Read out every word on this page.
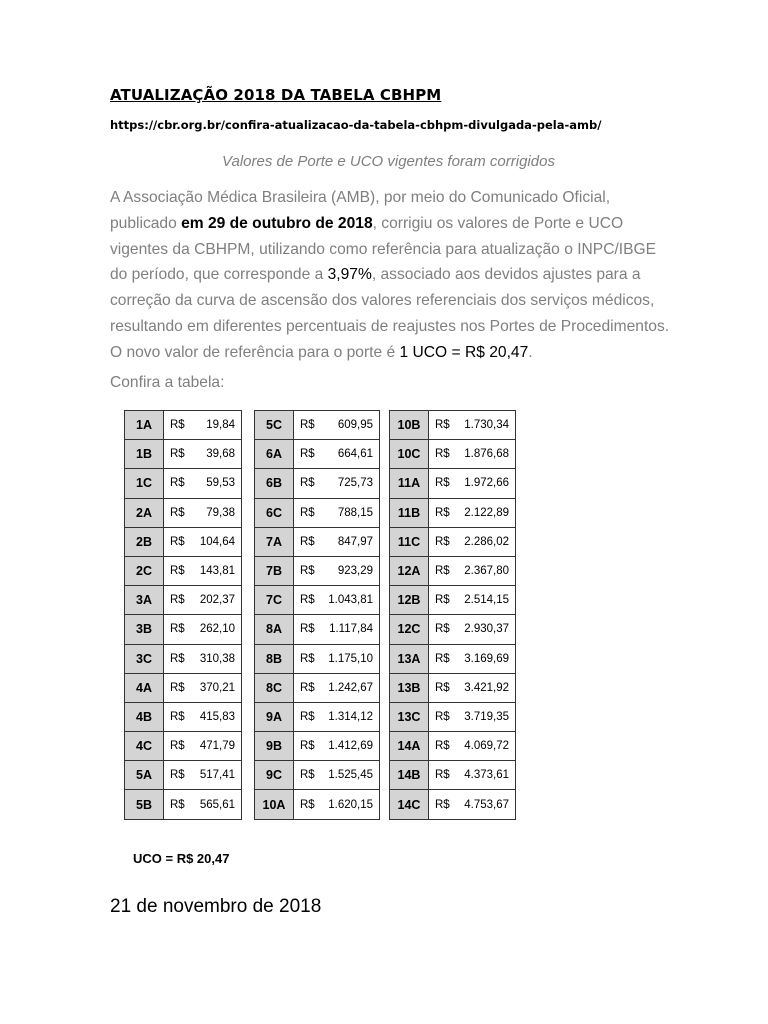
ATUALIZAÇÃO 2018 DA TABELA CBHPM
https://cbr.org.br/confira-atualizacao-da-tabela-cbhpm-divulgada-pela-amb/
Valores de Porte e UCO vigentes foram corrigidos
A Associação Médica Brasileira (AMB), por meio do Comunicado Oficial, publicado em 29 de outubro de 2018, corrigiu os valores de Porte e UCO vigentes da CBHPM, utilizando como referência para atualização o INPC/IBGE do período, que corresponde a 3,97%, associado aos devidos ajustes para a correção da curva de ascensão dos valores referenciais dos serviços médicos, resultando em diferentes percentuais de reajustes nos Portes de Procedimentos. O novo valor de referência para o porte é 1 UCO = R$ 20,47.
Confira a tabela:
1A	R$	19,84
1B	R$	39,68
1C	R$	59,53
2A	R$	79,38
2B	R$	104,64
2C	R$	143,81
3A	R$	202,37
3B	R$	262,10
3C	R$	310,38
4A	R$	370,21
4B	R$	415,83
4C	R$	471,79
5A	R$	517,41
5B	R$	565,61
5C	R$	609,95
6A	R$	664,61
6B	R$	725,73
6C	R$	788,15
7A	R$	847,97
7B	R$	923,29
7C	R$	1.043,81
8A	R$	1.117,84
8B	R$	1.175,10
8C	R$	1.242,67
9A	R$	1.314,12
9B	R$	1.412,69
9C	R$	1.525,45
10A	R$	1.620,15
10B	R$	1.730,34
10C	R$	1.876,68
11A	R$	1.972,66
11B	R$	2.122,89
11C	R$	2.286,02
12A	R$	2.367,80
12B	R$	2.514,15
12C	R$	2.930,37
13A	R$	3.169,69
13B	R$	3.421,92
13C	R$	3.719,35
14A	R$	4.069,72
14B	R$	4.373,61
14C	R$	4.753,67
UCO = R$ 20,47
21 de novembro de 2018
